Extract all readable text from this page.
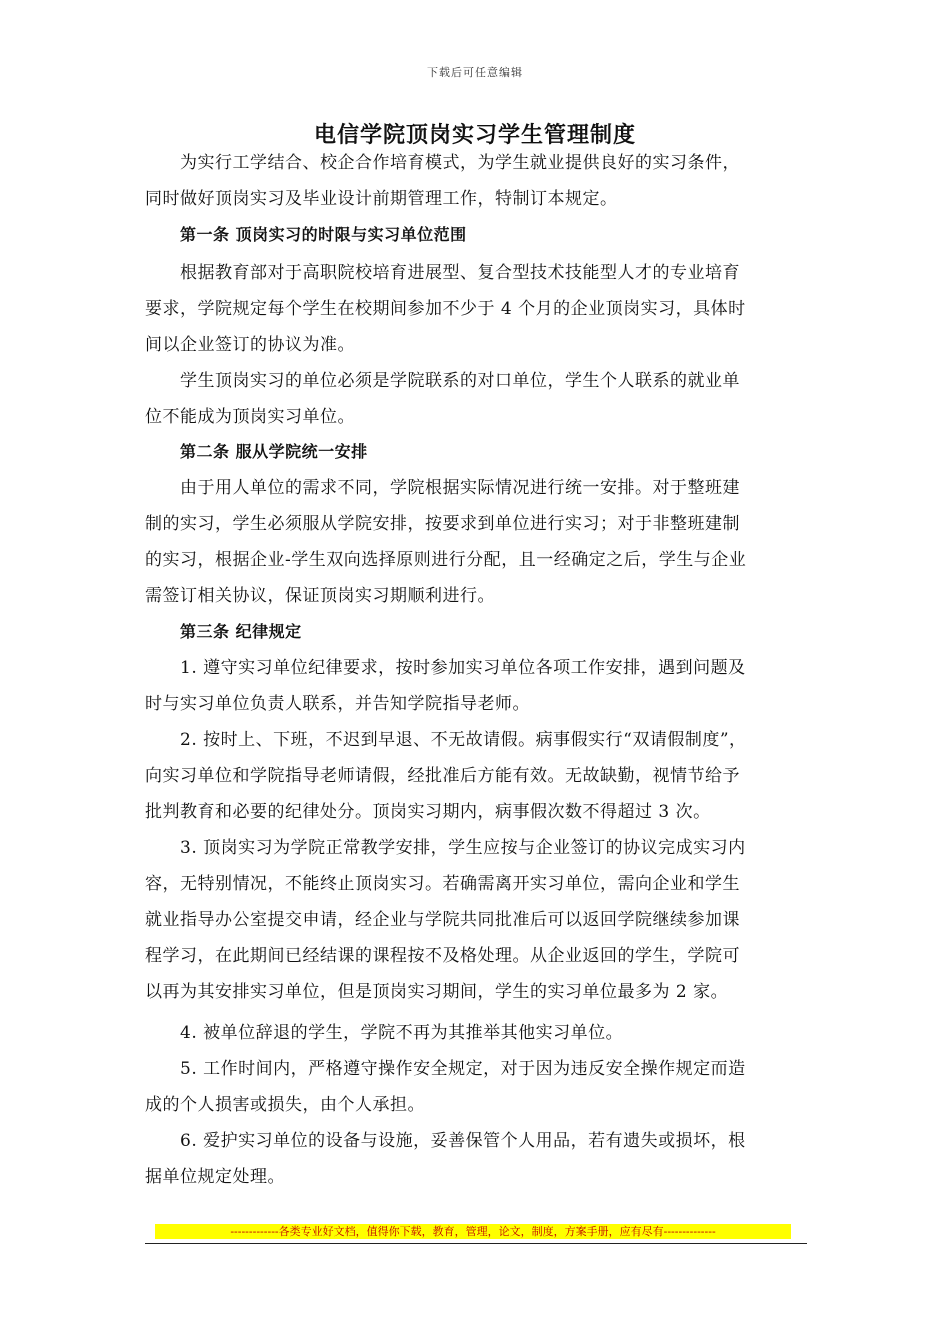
下载后可任意编辑
电信学院顶岗实习学生管理制度
为实行工学结合、校企合作培育模式，为学生就业提供良好的实习条件，
同时做好顶岗实习及毕业设计前期管理工作，特制订本规定。
第一条 顶岗实习的时限与实习单位范围
根据教育部对于高职院校培育进展型、复合型技术技能型人才的专业培育
要求，学院规定每个学生在校期间参加不少于 4 个月的企业顶岗实习，具体时
间以企业签订的协议为准。
学生顶岗实习的单位必须是学院联系的对口单位，学生个人联系的就业单
位不能成为顶岗实习单位。
第二条 服从学院统一安排
由于用人单位的需求不同，学院根据实际情况进行统一安排。对于整班建
制的实习，学生必须服从学院安排，按要求到单位进行实习；对于非整班建制
的实习，根据企业-学生双向选择原则进行分配，且一经确定之后，学生与企业
需签订相关协议，保证顶岗实习期顺利进行。
第三条 纪律规定
1. 遵守实习单位纪律要求，按时参加实习单位各项工作安排，遇到问题及
时与实习单位负责人联系，并告知学院指导老师。
2. 按时上、下班，不迟到早退、不无故请假。病事假实行“双请假制度”，
向实习单位和学院指导老师请假，经批准后方能有效。无故缺勤，视情节给予
批判教育和必要的纪律处分。顶岗实习期内，病事假次数不得超过 3 次。
3. 顶岗实习为学院正常教学安排，学生应按与企业签订的协议完成实习内
容，无特别情况，不能终止顶岗实习。若确需离开实习单位，需向企业和学生
就业指导办公室提交申请，经企业与学院共同批准后可以返回学院继续参加课
程学习，在此期间已经结课的课程按不及格处理。从企业返回的学生，学院可
以再为其安排实习单位，但是顶岗实习期间，学生的实习单位最多为 2 家。
4. 被单位辞退的学生，学院不再为其推举其他实习单位。
5. 工作时间内，严格遵守操作安全规定，对于因为违反安全操作规定而造
成的个人损害或损失，由个人承担。
6. 爱护实习单位的设备与设施，妥善保管个人用品，若有遗失或损坏，根
据单位规定处理。
-------------各类专业好文档，值得你下载，教育，管理，论文，制度，方案手册，应有尽有--------------
